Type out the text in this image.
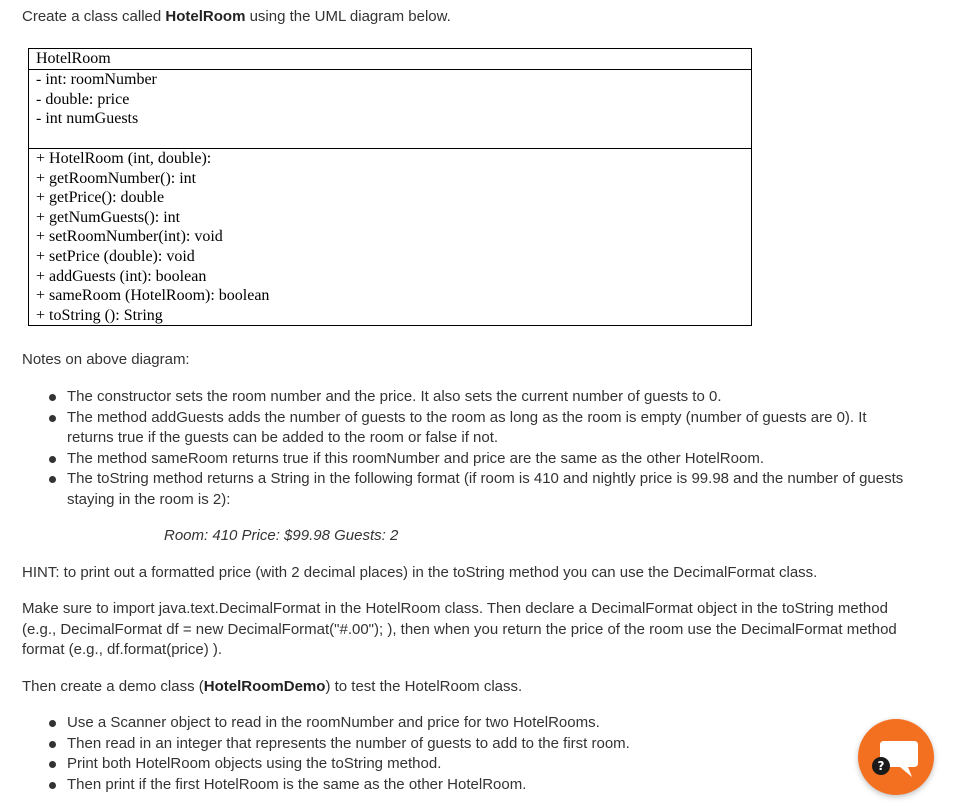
Create a class called HotelRoom using the UML diagram below.

HotelRoom
- int: roomNumber
- double: price
- int numGuests
+ HotelRoom (int, double):
+ getRoomNumber(): int
+ getPrice(): double
+ getNumGuests(): int
+ setRoomNumber(int): void
+ setPrice (double): void
+ addGuests (int): boolean
+ sameRoom (HotelRoom): boolean
+ toString (): String
Notes on above diagram:
The constructor sets the room number and the price. It also sets the current number of guests to 0.
The method addGuests adds the number of guests to the room as long as the room is empty (number of guests are 0). It returns true if the guests can be added to the room or false if not.
The method sameRoom returns true if this roomNumber and price are the same as the other HotelRoom.
The toString method returns a String in the following format (if room is 410 and nightly price is 99.98 and the number of guests staying in the room is 2):
Room: 410 Price: $99.98 Guests: 2
HINT: to print out a formatted price (with 2 decimal places) in the toString method you can use the DecimalFormat class.
Make sure to import java.text.DecimalFormat in the HotelRoom class. Then declare a DecimalFormat object in the toString method (e.g., DecimalFormat df = new DecimalFormat("#.00"); ), then when you return the price of the room use the DecimalFormat method format (e.g., df.format(price) ).
Then create a demo class (HotelRoomDemo) to test the HotelRoom class.
Use a Scanner object to read in the roomNumber and price for two HotelRooms.
Then read in an integer that represents the number of guests to add to the first room.
Print both HotelRoom objects using the toString method.
Then print if the first HotelRoom is the same as the other HotelRoom.
?
